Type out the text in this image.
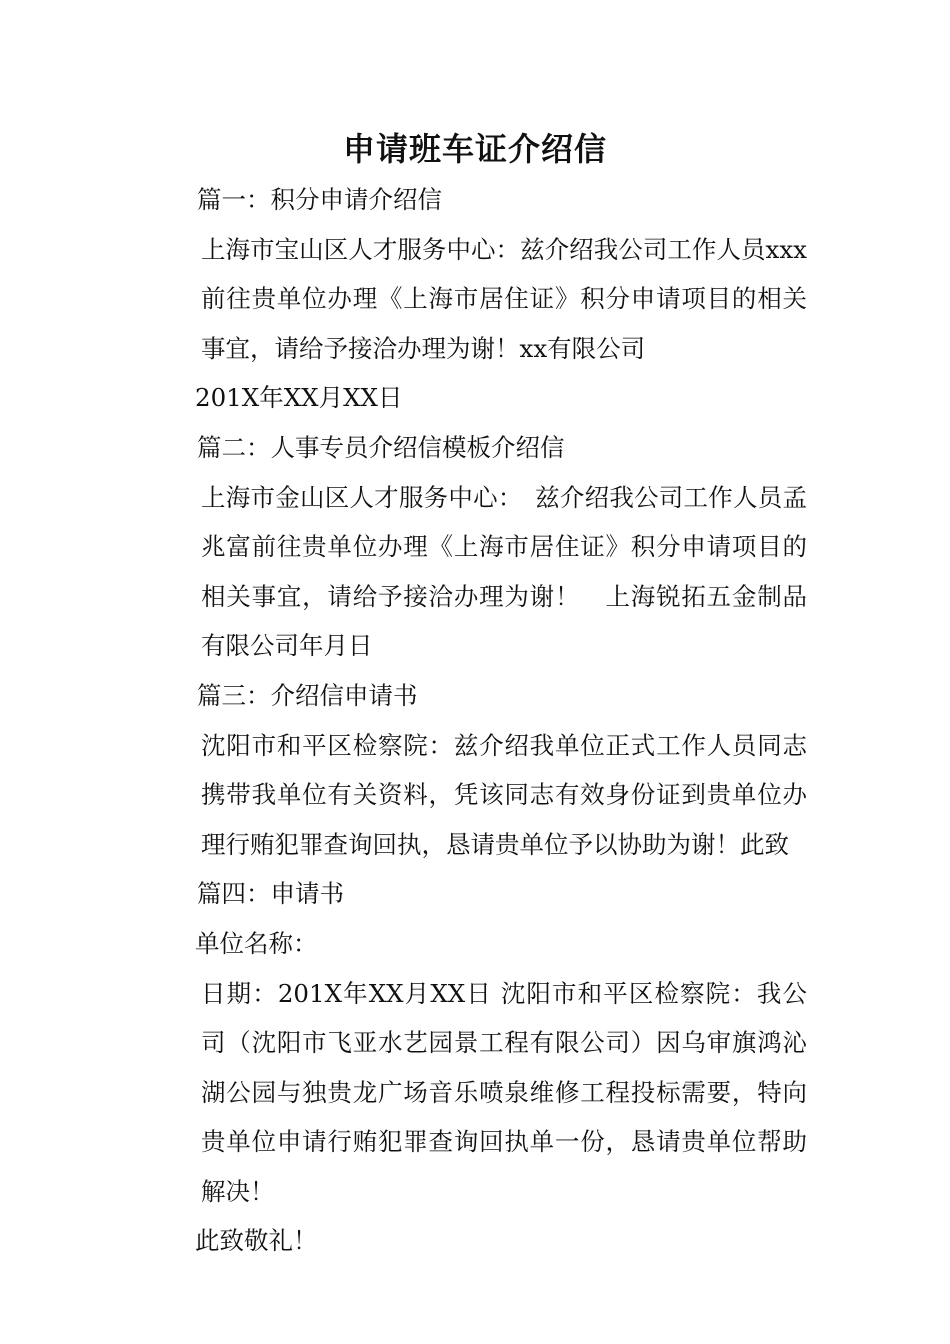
申请班车证介绍信

篇一：积分申请介绍信

上海市宝山区人才服务中心：兹介绍我公司工作人员xxx前往贵单位办理《上海市居住证》积分申请项目的相关事宜，请给予接洽办理为谢！xx有限公司

201X年XX月XX日

篇二：人事专员介绍信模板介绍信

上海市金山区人才服务中心：　兹介绍我公司工作人员孟兆富前往贵单位办理《上海市居住证》积分申请项目的相关事宜，请给予接洽办理为谢！　上海锐拓五金制品有限公司年月日

篇三：介绍信申请书

沈阳市和平区检察院：兹介绍我单位正式工作人员同志携带我单位有关资料，凭该同志有效身份证到贵单位办理行贿犯罪查询回执，恳请贵单位予以协助为谢！此致

篇四：申请书

单位名称：

日期：201X年XX月XX日 沈阳市和平区检察院：我公司（沈阳市飞亚水艺园景工程有限公司）因乌审旗鸿沁湖公园与独贵龙广场音乐喷泉维修工程投标需要，特向贵单位申请行贿犯罪查询回执单一份，恳请贵单位帮助解决！

此致敬礼！
